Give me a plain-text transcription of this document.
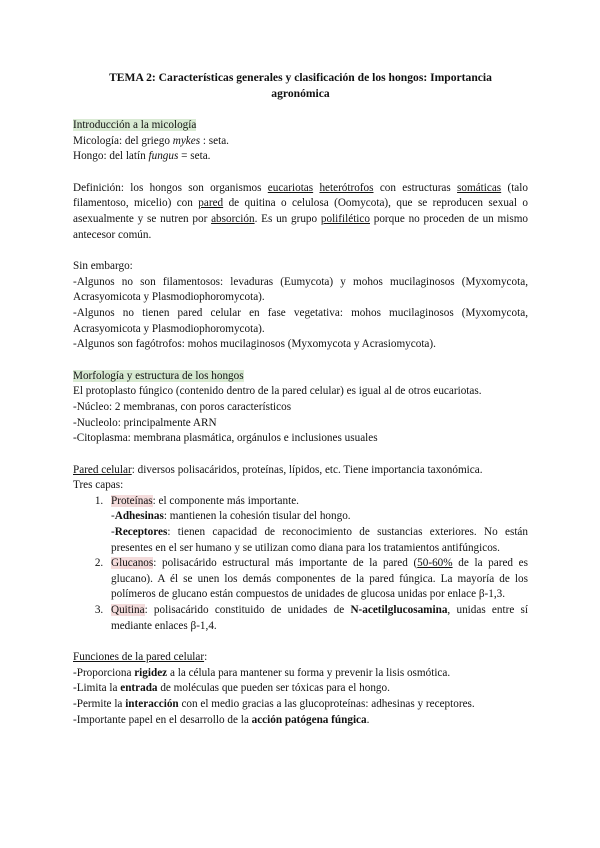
TEMA 2: Características generales y clasificación de los hongos: Importancia agronómica

Introducción a la micología

Micología: del griego mykes : seta.

Hongo: del latín fungus = seta.

Definición: los hongos son organismos eucariotas heterótrofos con estructuras somáticas (talo filamentoso, micelio) con pared de quitina o celulosa (Oomycota), que se reproducen sexual o asexualmente y se nutren por absorción. Es un grupo polifilético porque no proceden de un mismo antecesor común.

Sin embargo:

-Algunos no son filamentosos: levaduras (Eumycota) y mohos mucilaginosos (Myxomycota, Acrasyomicota y Plasmodiophoromycota).

-Algunos no tienen pared celular en fase vegetativa: mohos mucilaginosos (Myxomycota, Acrasyomicota y Plasmodiophoromycota).

-Algunos son fagótrofos: mohos mucilaginosos (Myxomycota y Acrasiomycota).

Morfología y estructura de los hongos

El protoplasto fúngico (contenido dentro de la pared celular) es igual al de otros eucariotas.

-Núcleo: 2 membranas, con poros característicos

-Nucleolo: principalmente ARN

-Citoplasma: membrana plasmática, orgánulos e inclusiones usuales

Pared celular: diversos polisacáridos, proteínas, lípidos, etc. Tiene importancia taxonómica.

Tres capas:

1. Proteínas: el componente más importante.
-Adhesinas: mantienen la cohesión tisular del hongo.
-Receptores: tienen capacidad de reconocimiento de sustancias exteriores. No están presentes en el ser humano y se utilizan como diana para los tratamientos antifúngicos.
2. Glucanos: polisacárido estructural más importante de la pared (50-60% de la pared es glucano). A él se unen los demás componentes de la pared fúngica. La mayoría de los polímeros de glucano están compuestos de unidades de glucosa unidas por enlace β-1,3.
3. Quitina: polisacárido constituido de unidades de N-acetilglucosamina, unidas entre sí mediante enlaces β-1,4.

Funciones de la pared celular:

-Proporciona rigidez a la célula para mantener su forma y prevenir la lisis osmótica.

-Limita la entrada de moléculas que pueden ser tóxicas para el hongo.

-Permite la interacción con el medio gracias a las glucoproteínas: adhesinas y receptores.

-Importante papel en el desarrollo de la acción patógena fúngica.
